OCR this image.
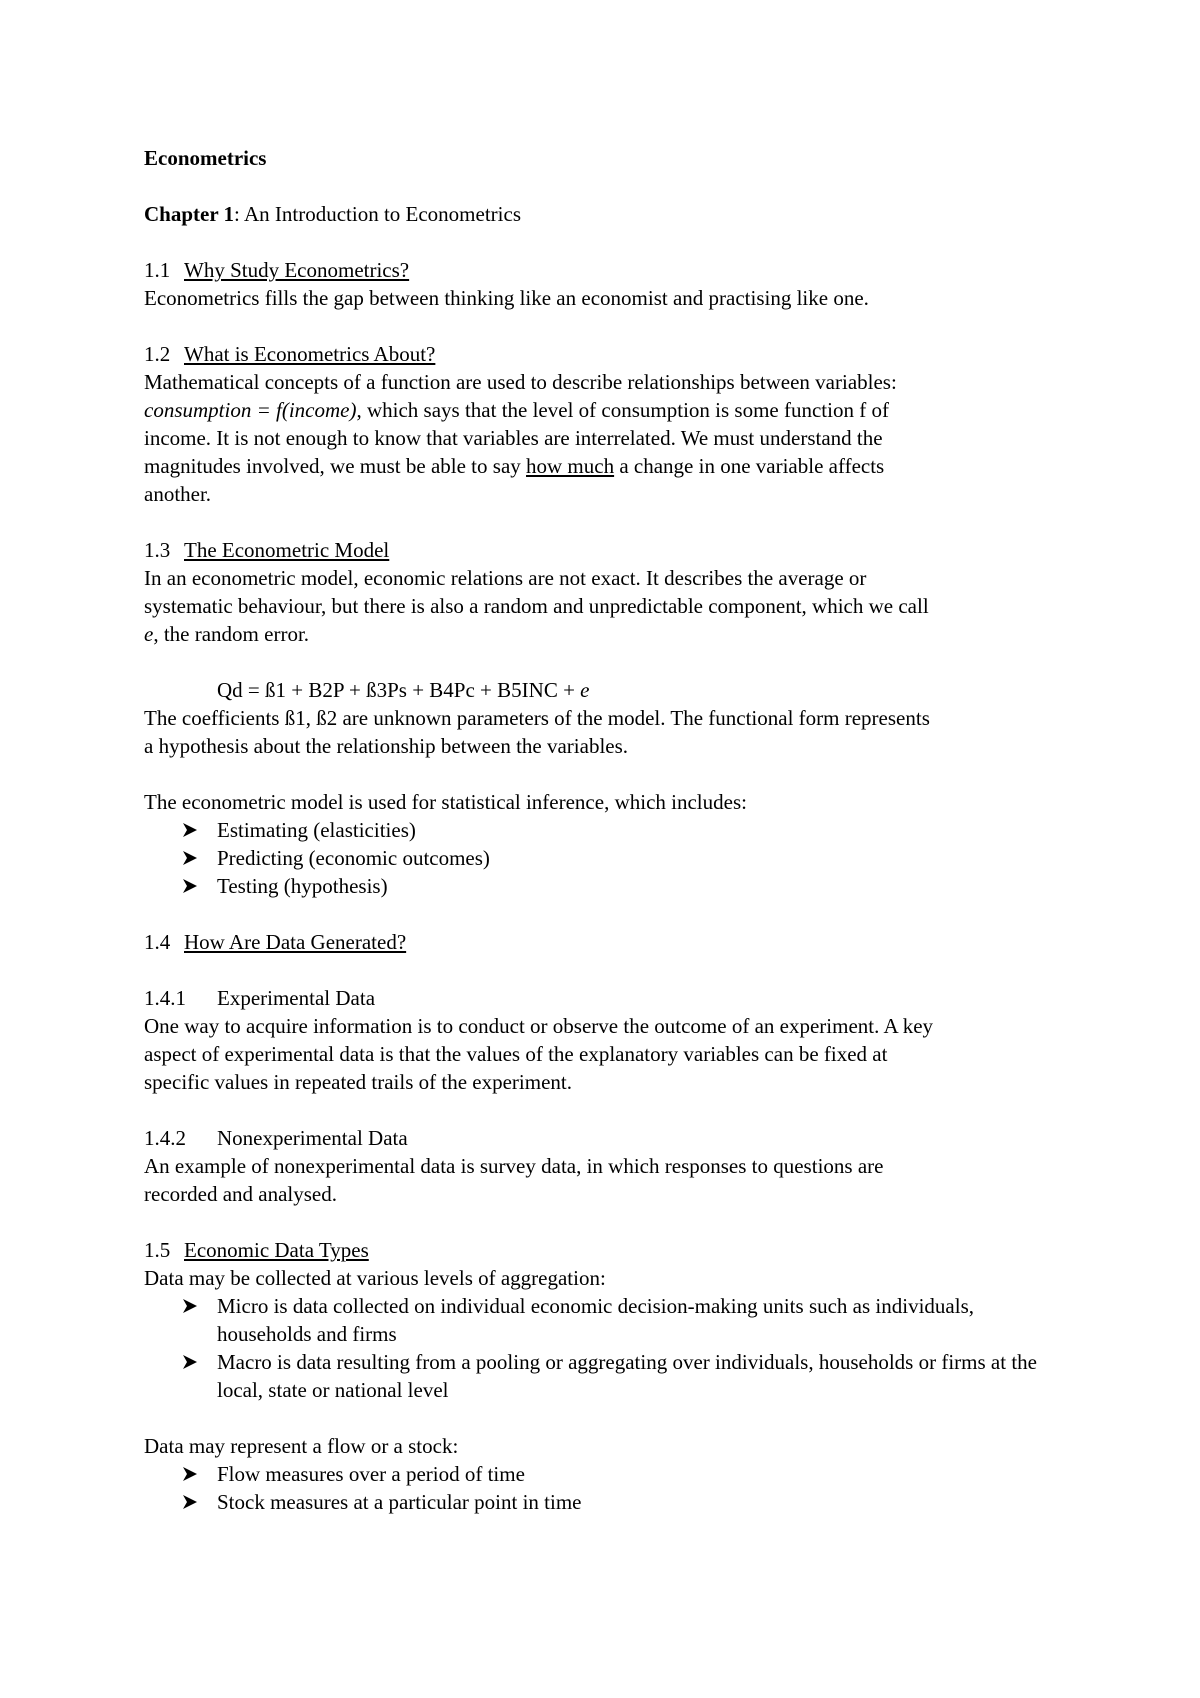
Econometrics
Chapter 1: An Introduction to Econometrics
1.1 Why Study Econometrics?
Econometrics fills the gap between thinking like an economist and practising like one.
1.2 What is Econometrics About?
Mathematical concepts of a function are used to describe relationships between variables:
consumption = f(income), which says that the level of consumption is some function f of
income. It is not enough to know that variables are interrelated. We must understand the
magnitudes involved, we must be able to say how much a change in one variable affects
another.
1.3 The Econometric Model
In an econometric model, economic relations are not exact. It describes the average or
systematic behaviour, but there is also a random and unpredictable component, which we call
e, the random error.
Qd = ß1 + B2P + ß3Ps + B4Pc + B5INC + e
The coefficients ß1, ß2 are unknown parameters of the model. The functional form represents
a hypothesis about the relationship between the variables.
The econometric model is used for statistical inference, which includes:
Estimating (elasticities)
Predicting (economic outcomes)
Testing (hypothesis)
1.4 How Are Data Generated?
1.4.1 Experimental Data
One way to acquire information is to conduct or observe the outcome of an experiment. A key
aspect of experimental data is that the values of the explanatory variables can be fixed at
specific values in repeated trails of the experiment.
1.4.2 Nonexperimental Data
An example of nonexperimental data is survey data, in which responses to questions are
recorded and analysed.
1.5 Economic Data Types
Data may be collected at various levels of aggregation:
Micro is data collected on individual economic decision-making units such as individuals, households and firms
Macro is data resulting from a pooling or aggregating over individuals, households or firms at the local, state or national level
Data may represent a flow or a stock:
Flow measures over a period of time
Stock measures at a particular point in time
